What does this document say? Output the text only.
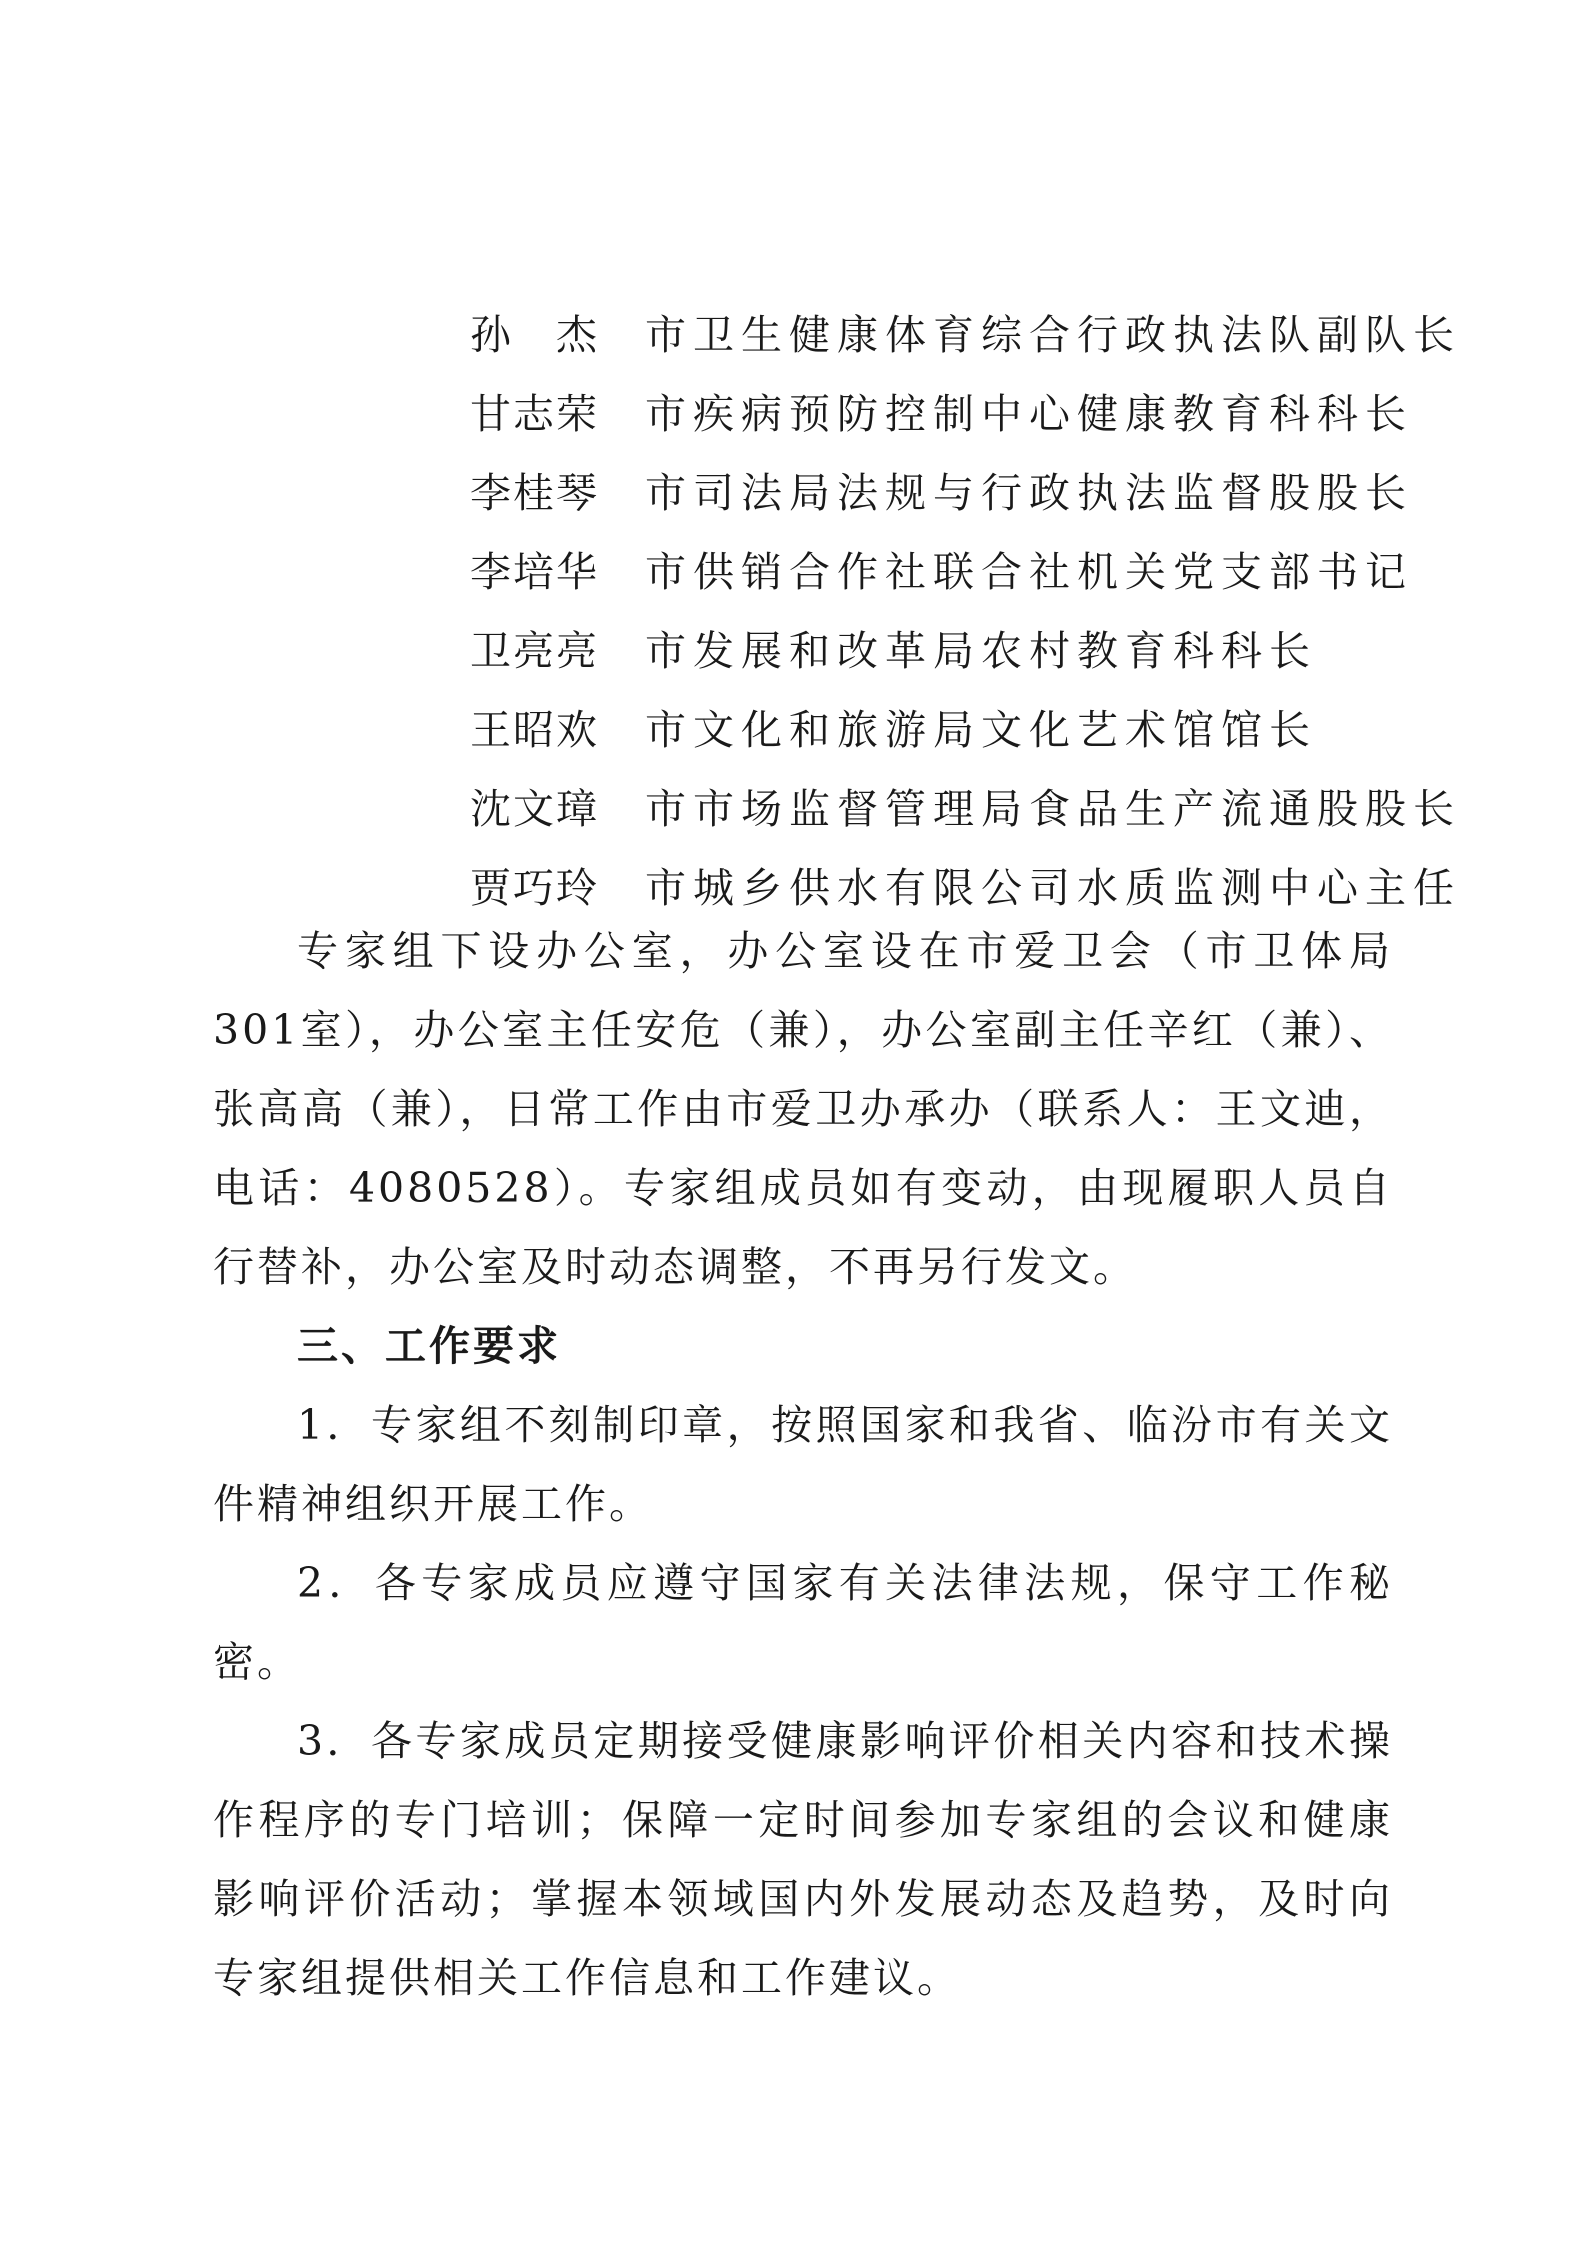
孙　杰	市卫生健康体育综合行政执法队副队长
甘志荣	市疾病预防控制中心健康教育科科长
李桂琴	市司法局法规与行政执法监督股股长
李培华	市供销合作社联合社机关党支部书记
卫亮亮	市发展和改革局农村教育科科长
王昭欢	市文化和旅游局文化艺术馆馆长
沈文璋	市市场监督管理局食品生产流通股股长
贾巧玲	市城乡供水有限公司水质监测中心主任

专家组下设办公室，办公室设在市爱卫会（市卫体局301室），办公室主任安危（兼），办公室副主任辛红（兼）、张高高（兼），日常工作由市爱卫办承办（联系人：王文迪，电话：4080528）。专家组成员如有变动，由现履职人员自行替补，办公室及时动态调整，不再另行发文。

三、工作要求

1．专家组不刻制印章，按照国家和我省、临汾市有关文件精神组织开展工作。

2．各专家成员应遵守国家有关法律法规，保守工作秘密。

3．各专家成员定期接受健康影响评价相关内容和技术操作程序的专门培训；保障一定时间参加专家组的会议和健康影响评价活动；掌握本领域国内外发展动态及趋势，及时向专家组提供相关工作信息和工作建议。
